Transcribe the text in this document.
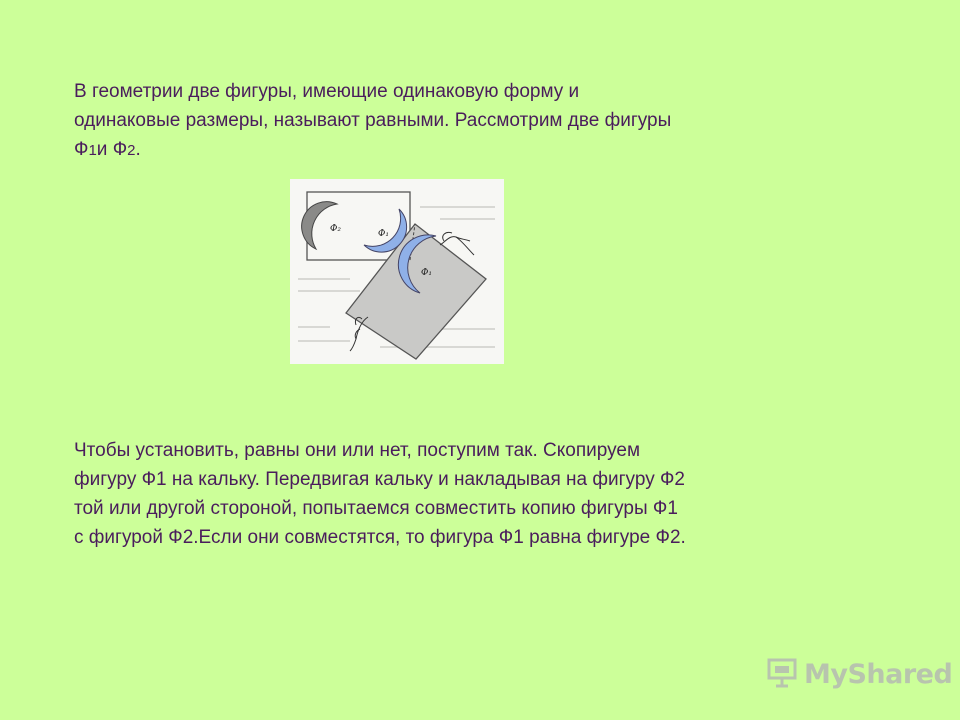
В геометрии две фигуры, имеющие одинаковую форму и
одинаковые размеры, называют равными. Рассмотрим две фигуры
Ф1и Ф2.

Φ₂	Φ₁
Φ₁

Чтобы установить, равны они или нет, поступим так. Скопируем
фигуру Ф1 на кальку. Передвигая кальку и накладывая на фигуру Ф2
той или другой стороной, попытаемся совместить копию фигуры Ф1
с фигурой Ф2.Если они совместятся, то фигура Ф1 равна фигуре Ф2.

MyShared
